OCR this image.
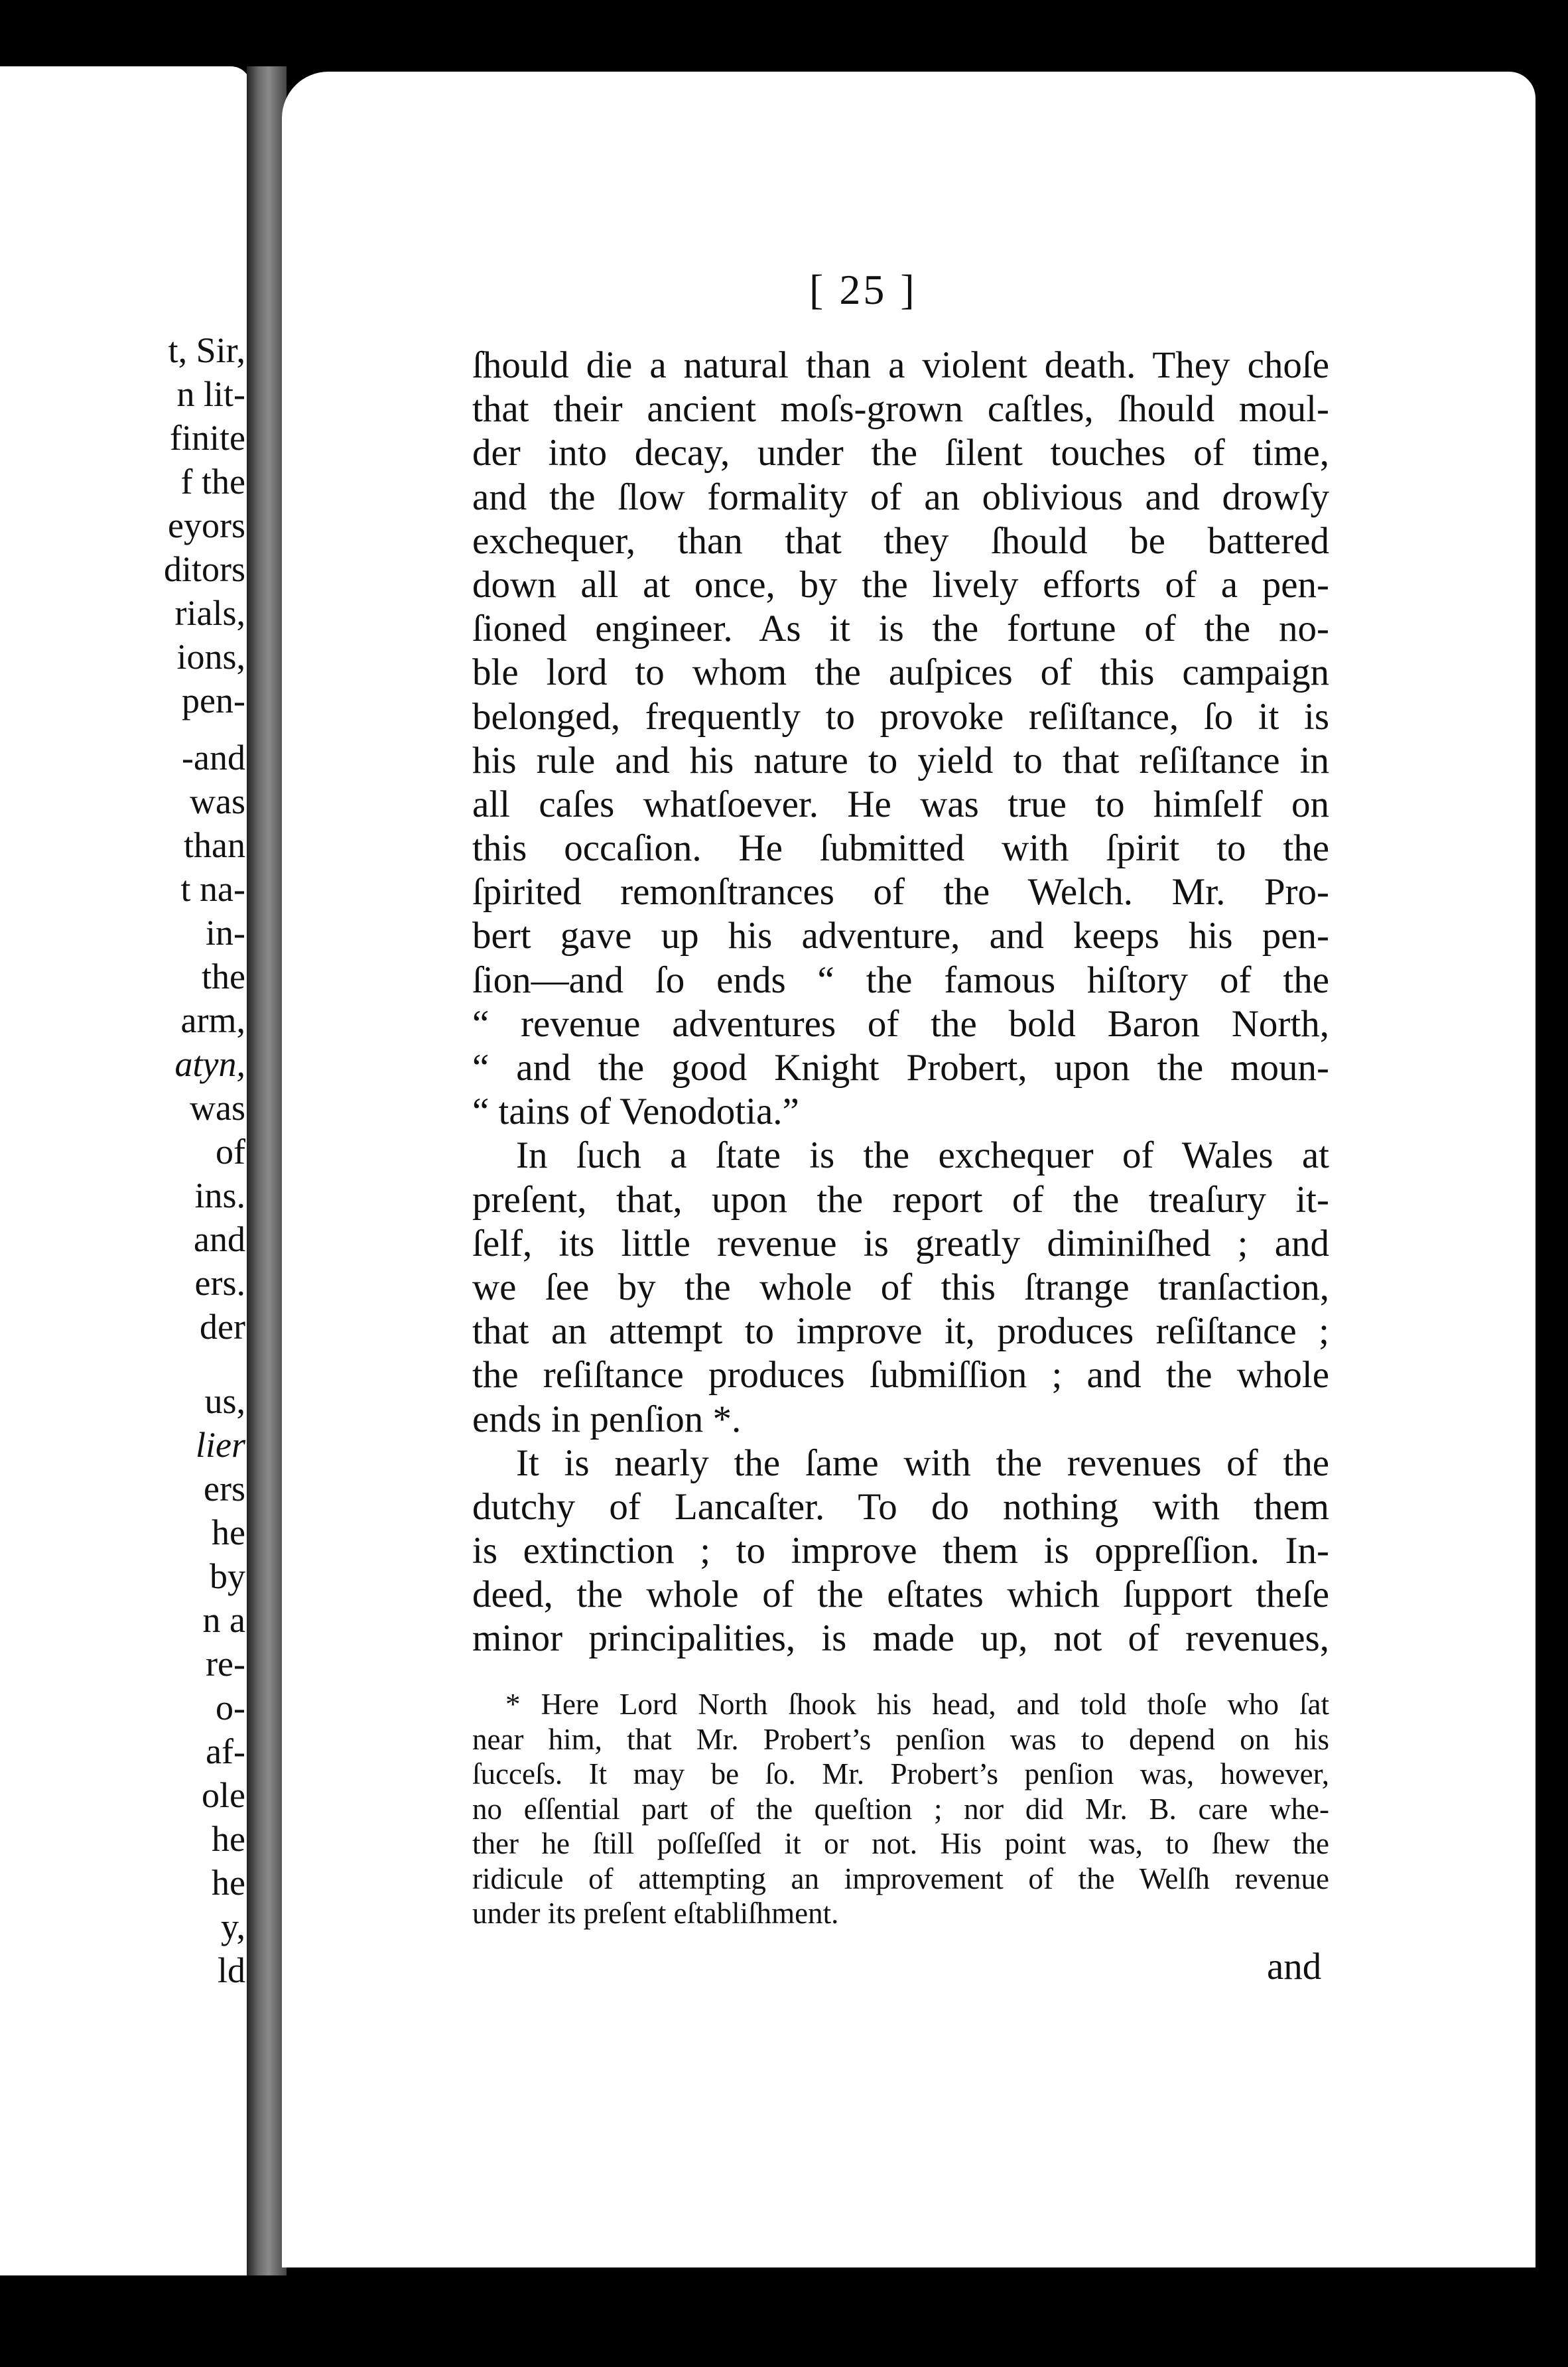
t, Sir,
n lit-
finite
f the
eyors
ditors
rials,
ions,
pen-
-and
was
than
t na-
in-
the
arm,
atyn,
was
of
ins.
and
ers.
der
us,
lier
ers
he
by
n a
re-
o-
af-
ole
he
he
y,
ld
[ 25 ]
ſhould die a natural than a violent death. They choſe
that their ancient moſs-grown caſtles, ſhould moul-
der into decay, under the ſilent touches of time,
and the ſlow formality of an oblivious and drowſy
exchequer, than that they ſhould be battered
down all at once, by the lively efforts of a pen-
ſioned engineer. As it is the fortune of the no-
ble lord to whom the auſpices of this campaign
belonged, frequently to provoke reſiſtance, ſo it is
his rule and his nature to yield to that reſiſtance in
all caſes whatſoever. He was true to himſelf on
this occaſion. He ſubmitted with ſpirit to the
ſpirited remonſtrances of the Welch. Mr. Pro-
bert gave up his adventure, and keeps his pen-
ſion—and ſo ends “ the famous hiſtory of the
“ revenue adventures of the bold Baron North,
“ and the good Knight Probert, upon the moun-
“ tains of Venodotia.”
In ſuch a ſtate is the exchequer of Wales at
preſent, that, upon the report of the treaſury it-
ſelf, its little revenue is greatly diminiſhed ; and
we ſee by the whole of this ſtrange tranſaction,
that an attempt to improve it, produces reſiſtance ;
the reſiſtance produces ſubmiſſion ; and the whole
ends in penſion *.
It is nearly the ſame with the revenues of the
dutchy of Lancaſter. To do nothing with them
is extinction ; to improve them is oppreſſion. In-
deed, the whole of the eſtates which ſupport theſe
minor principalities, is made up, not of revenues,
* Here Lord North ſhook his head, and told thoſe who ſat
near him, that Mr. Probert’s penſion was to depend on his
ſucceſs. It may be ſo. Mr. Probert’s penſion was, however,
no eſſential part of the queſtion ; nor did Mr. B. care whe-
ther he ſtill poſſeſſed it or not. His point was, to ſhew the
ridicule of attempting an improvement of the Welſh revenue
under its preſent eſtabliſhment.
and
